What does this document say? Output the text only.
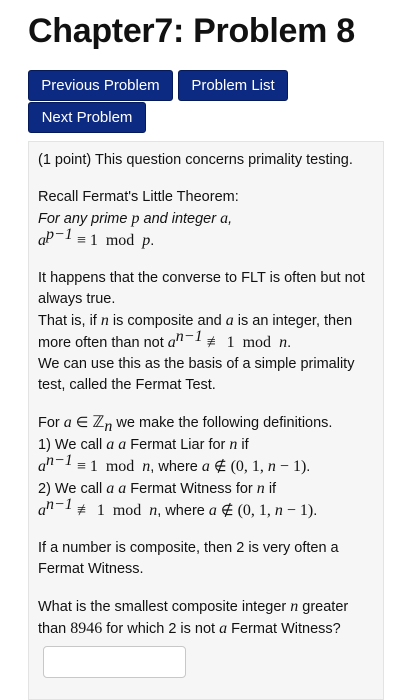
Chapter7: Problem 8
Previous Problem	Problem List
Next Problem

(1 point) This question concerns primality testing.

Recall Fermat's Little Theorem:
For any prime p and integer a,
$a^{p-1} \equiv 1$  mod  p.

It happens that the converse to FLT is often but not always true.
That is, if n is composite and a is an integer, then more often than not $a^{n-1}$ ≢ 1  mod  n.
We can use this as the basis of a simple primality test, called the Fermat Test.

For a ∈ ℤ$_n$ we make the following definitions.
1) We call a a Fermat Liar for n if
$a^{n-1} \equiv 1$  mod  n, where a ∉ (0, 1, n − 1).
2) We call a a Fermat Witness for n if
$a^{n-1}$ ≢ 1  mod  n, where a ∉ (0, 1, n − 1).

If a number is composite, then 2 is very often a Fermat Witness.

What is the smallest composite integer n greater than 8946 for which 2 is not a Fermat Witness?
